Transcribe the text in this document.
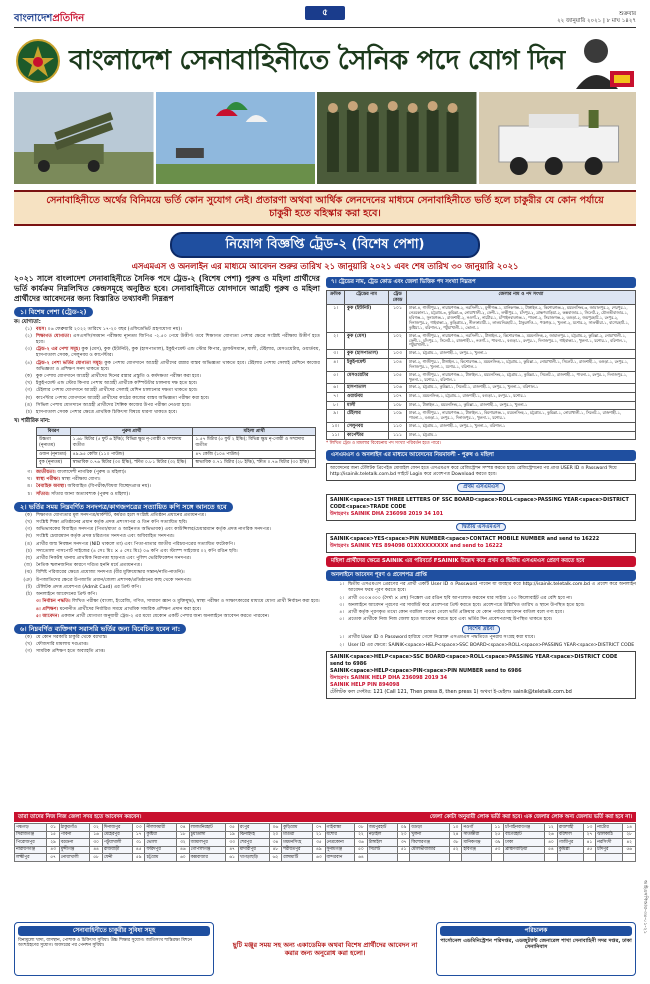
বাংলাদেশপ্রতিদিন	৫	শুক্রবার
২২ জানুয়ারি ২০২১ | ৮ মাঘ ১৪২৭
বাংলাদেশ সেনাবাহিনীতে সৈনিক পদে যোগ দিন
সেনাবাহিনীতে অর্থের বিনিময়ে ভর্তি কোন সুযোগ নেই। প্রতারণা অথবা আর্থিক লেনদেনের মাধ্যমে সেনাবাহিনীতে ভর্তি হলে চাকুরীর যে কোন পর্যায়ে চাকুরী হতে বহিস্কার করা হবে।
নিয়োগ বিজ্ঞপ্তি ট্রেড-২ (বিশেষ পেশা)
এসএমএস ও অনলাইন এর মাধ্যমে আবেদন শুরুর তারিখ ২১ জানুয়ারি ২০২১ এবং শেষ তারিখ ৩০ জানুয়ারি ২০২১
২০২১ সালে বাংলাদেশ সেনাবাহিনীতে সৈনিক পদে ট্রেড-২ (বিশেষ পেশা) পুরুষ ও মহিলা প্রার্থীদের ভর্তি কার্যক্রম নিম্নলিখিত কেন্দ্রসমূহে অনুষ্ঠিত হবে। সেনাবাহিনীতে যোগদানে আগ্রহী পুরুষ ও মহিলা প্রার্থীদের আবেদনের জন্য বিস্তারিত তথ্যাবলী নিম্নরূপ
১। বিশেষ পেশা (ট্রেড-২)
ক। যোগ্যতা:
(১) বয়স। ০৬ ফেব্রুয়ারি ২০২২ তারিখে ১৭-২০ বছর (এফিডেভিট গ্রহণযোগ্য নয়)।
(২) শিক্ষাগত যোগ্যতা। এসএসসি/সমমান পরীক্ষায় ন্যূনতম জিপিএ -২.৫০ পেয়ে উত্তীর্ণ। তবে শিক্ষাগত যোগ্যতা পেশার ক্ষেত্রে সংশ্লিষ্ট পরীক্ষায় উত্তীর্ণ হতে হবে।
(৩) ট্রেড-২ এর পেশা সমূহ। কুক (মেস), কুক (ইউনিট), কুক (হাসপাতাল), ইকুইপমেন্ট এন্ড স্টোর কিপার, ড্রাফটসম্যান, মালী, টেইলার, মেসওয়েটার, ওয়ার্ডবয়, হাসপাতাল সেবক, সেলুনবয় ও কার্পেন্টার।
(৪) ট্রেড-২ পেশা ভর্তির যোগ্যতা সমূহ। কুক পেশায় যোগদানে আগ্রহী প্রার্থীদের রান্নার বাস্তব অভিজ্ঞতা থাকতে হবে। টেইলার পেশায় সেলাই মেশিনে কাজের অভিজ্ঞতা ও প্রশিক্ষণ সনদ থাকতে হবে।
(ক) কুক পেশায় যোগদানে আগ্রহী প্রার্থীদের দিনের রান্নার প্রস্তুতি ও কর্মদক্ষতা পরীক্ষা করা হবে।
(খ) ইকুইপমেন্ট এন্ড স্টোর কিপার পেশায় আগ্রহী প্রার্থীকে কম্পিউটার চালনায় দক্ষ হতে হবে।
(গ) টেইলার পেশায় যোগদানে আগ্রহী প্রার্থীদের সেলাই মেশিন চালানোর দক্ষতা থাকতে হবে।
(ঘ) কার্পেন্টার পেশায় যোগদানে আগ্রহী প্রার্থীদের কাঠের কাজের বাস্তব অভিজ্ঞতা পরীক্ষা করা হবে।
(ঙ) সিভিল পেশায় যোগদানে আগ্রহী প্রার্থীদের শৈল্পিক কাজের উপর পরীক্ষা নেওয়া হবে।
(চ) হাসপাতাল সেবক পেশার ক্ষেত্রে প্রাথমিক চিকিৎসা বিষয়ে ধারণা থাকতে হবে।
খ। শারীরিক মান:
বিবরণ	পুরুষ প্রার্থী	মহিলা প্রার্থী
উচ্চতা (নূন্যতম)	১.৬৮ মিটার (৫ ফুট ৬ ইঞ্চি); বিভিন্ন ক্ষুদ্র নৃ-গোষ্ঠী ও সম্প্রদায় ব্যতীত	১.৫৭ মিটার (৫ ফুট ২ ইঞ্চি); বিভিন্ন ক্ষুদ্র নৃ-গোষ্ঠী ও সম্প্রদায় ব্যতীত
ওজন (নূন্যতম)	৪৯.৯৫ কেজি (১১০ পাউন্ড)	৪৭ কেজি (১০৪ পাউন্ড)
বুক (নূন্যতম)	স্বাভাবিক ০.৭৬ মিটার (৩০ ইঞ্চি), স্ফীত ০.৮১ মিটার (৩২ ইঞ্চি)	স্বাভাবিক ০.৭১ মিটার (২৮ ইঞ্চি), স্ফীত ০.৭৬ মিটার (৩০ ইঞ্চি)
গ। জাতীয়তা। বাংলাদেশী নাগরিক (পুরুষ ও মহিলা)।
ঘ। স্বাস্থ্য পরীক্ষা। স্বাস্থ্য পরীক্ষায় যোগ্য।
ঙ। বৈবাহিক অবস্থা। অবিবাহিত (বিপত্নীক/বিধবা বিচ্ছেদপ্রাপ্ত নয়)।
চ। সাঁতার। সাঁতার জানা অত্যাবশ্যক (পুরুষ ও মহিলা)।
২। ভর্তির সময় নিম্নবর্ণিত সনদপত্র/কাগজপত্রের সত্যায়িত কপি সঙ্গে আনতে হবে
(ক) শিক্ষাগত যোগ্যতার মূল সনদপত্র/মার্কশীট, কর্মরত হলে সংশ্লিষ্ট প্রতিষ্ঠান প্রধানের প্রত্যয়নপত্র।
(খ) সংশ্লিষ্ট শিক্ষা প্রতিষ্ঠানের প্রধান কর্তৃক প্রদত্ত প্রশংসাপত্র ও তিন কপি সত্যায়িত ছবি।
(গ) অভিভাবকের বিবাহিত সনদপত্র (পিতা/মাতা ও আইনগত অভিভাবক) এবং কাউন্সিলর/চেয়ারম্যান কর্তৃক প্রদত্ত নাগরিক সনদপত্র।
(ঘ) সংশ্লিষ্ট চেয়ারম্যান কর্তৃক প্রদত্ত চরিত্রগত সনদপত্র এবং অবিবাহিত সনদপত্র।
(ঙ) প্রার্থীর জন্ম নিবন্ধন সনদপত্র (NID থাকলে তা) এবং পিতা-মাতার জাতীয় পরিচয়পত্রের সত্যায়িত ফটোকপি।
(চ) সদ্যতোলা পাসপোর্ট সাইজের (৪ সেঃ মিঃ × ৫ সেঃ মিঃ) ০৬ কপি এবং স্ট্যাম্প সাইজের ০২ কপি রঙিন ছবি।
(ছ) প্রার্থীর নিকটস্থ থানায় প্রাথমিক নিরাপত্তা ছাড়পত্র এবং পুলিশ ভেরিফিকেশন সনদপত্র।
(জ) নৈতিক স্খলনজনিত কারণে দণ্ডিত হননি মর্মে প্রত্যয়নপত্র।
(ঝ) বিশিষ্ট পরিবারের ক্ষেত্রে প্রযোজ্য সনদপত্র (বীর মুক্তিযোদ্ধার সন্তান/নাতি-নাতনি)।
(ঞ) উপজাতিদের ক্ষেত্রে উপজাতি প্রধান/জেলা প্রশাসক/প্রতিষ্ঠানের কাছ থেকে সনদপত্র।
(ট) টেলিটক প্রদত্ত প্রবেশপত্র (Admit Card) এর প্রিন্ট কপি।
(ঠ) অনলাইনে আবেদনের প্রিন্ট কপি।
৩। নির্বাচন পদ্ধতি। লিখিত পরীক্ষা (বাংলা, ইংরেজি, গণিত, সাধারণ জ্ঞান ও মুক্তিযুদ্ধ), স্বাস্থ্য পরীক্ষা ও সাক্ষাৎকারের মাধ্যমে যোগ্য প্রার্থী নির্বাচন করা হবে।
৪। প্রশিক্ষণ। মনোনীত প্রার্থীদের নির্ধারিত সময়ে প্রাথমিক সামরিক প্রশিক্ষণ প্রদান করা হবে।
৫। আবেদন। একজন প্রার্থী যোগ্যতা অনুযায়ী ট্রেড-২ এর মধ্যে যেকোন একটি পেশার জন্য অনলাইনে আবেদন করতে পারবেন।
৬। নিম্নবর্ণিত ব্যক্তিগণ সরাসরি ভর্তির জন্য বিবেচিত হবেন না:
(ক) যে কোন সরকারি চাকুরি থেকে বরখাস্ত।
(খ) ফৌজদারি মামলায় দণ্ডপ্রাপ্ত।
(গ) সামরিক প্রশিক্ষণ হতে অব্যাহতি প্রাপ্ত।
৭। ট্রেডের নাম, ট্রেড কোড এবং জেলা ভিত্তিক পদ সংখ্যা নিম্নরূপ
ক্রমিক	ট্রেডের নাম	ট্রেড কোড	জেলার নাম ও পদ সংখ্যা
১।	কুক (ইউনিট)	১০১	ঢাকা-৪, গাজীপুর-২, নারায়ণগঞ্জ-২, নরসিংদী-১, মুন্সীগঞ্জ-১, মানিকগঞ্জ-১, টাঙ্গাইল-২, কিশোরগঞ্জ-২, ময়মনসিংহ-৩, জামালপুর-২, শেরপুর-১, নেত্রকোনা-১, চট্টগ্রাম-৩, কুমিল্লা-৩, নোয়াখালী-২, ফেনী-১, লক্ষীপুর-১, চাঁদপুর-২, ব্রাহ্মণবাড়িয়া-২, কক্সবাজার-১, সিলেট-২, মৌলভীবাজার-১, হবিগঞ্জ-১, সুনামগঞ্জ-১, রাজশাহী-২, নওগাঁ-২, নাটোর-১, চাঁপাইনবাবগঞ্জ-১, পাবনা-২, সিরাজগঞ্জ-২, বগুড়া-২, জয়পুরহাট-১, রংপুর-২, দিনাজপুর-২, গাইবান্ধা-২, কুড়িগ্রাম-২, নীলফামারী-১, লালমনিরহাট-১, ঠাকুরগাঁও-১, পঞ্চগড়-১, খুলনা-২, যশোর-২, সাতক্ষীরা-১, বাগেরহাট-১, কুষ্টিয়া-১, বরিশাল-২, পটুয়াখালী-১, ভোলা-১
২।	কুক (মেস)	১০২	ঢাকা-৩, গাজীপুর-২, নারায়ণগঞ্জ-১, নরসিংদী-১, টাঙ্গাইল-২, কিশোরগঞ্জ-১, ময়মনসিংহ-২, জামালপুর-১, চট্টগ্রাম-২, কুমিল্লা-২, নোয়াখালী-১, ফেনী-১, চাঁদপুর-১, সিলেট-১, রাজশাহী-১, নওগাঁ-১, পাবনা-১, বগুড়া-১, রংপুর-১, দিনাজপুর-১, গাইবান্ধা-১, খুলনা-১, যশোর-১, বরিশাল-১, পটুয়াখালী-১
৩।	কুক (হাসপাতাল)	১০৩	ঢাকা-১, চট্টগ্রাম-১, রাজশাহী-১, রংপুর-১, খুলনা-১
৪।	ইকুইপমেন্ট	১০৪	ঢাকা-২, গাজীপুর-১, টাঙ্গাইল-১, কিশোরগঞ্জ-১, ময়মনসিংহ-১, চট্টগ্রাম-১, কুমিল্লা-১, নোয়াখালী-১, সিলেট-১, রাজশাহী-১, বগুড়া-১, রংপুর-১, দিনাজপুর-১, খুলনা-১, যশোর-১, বরিশাল-১
৫।	মেসওয়েটার	১০৫	ঢাকা-২, গাজীপুর-১, নারায়ণগঞ্জ-১, টাঙ্গাইল-১, ময়মনসিংহ-১, চট্টগ্রাম-১, কুমিল্লা-১, সিলেট-১, রাজশাহী-১, পাবনা-১, রংপুর-১, দিনাজপুর-১, খুলনা-১, যশোর-১, বরিশাল-১
৬।	হাসপাতাল	১০৬	ঢাকা-২, চট্টগ্রাম-১, কুমিল্লা-১, সিলেট-১, রাজশাহী-১, রংপুর-১, খুলনা-১, বরিশাল-১
৭।	ওয়ার্ডবয়	১০৭	ঢাকা-১, ময়মনসিংহ-১, চট্টগ্রাম-১, রাজশাহী-১, বগুড়া-১, রংপুর-১, যশোর-১
৮।	মালী	১০৮	ঢাকা-১, টাঙ্গাইল-১, ময়মনসিংহ-১, কুমিল্লা-১, রাজশাহী-১, রংপুর-১, খুলনা-১
৯।	টেইলার	১০৯	ঢাকা-২, গাজীপুর-১, নারায়ণগঞ্জ-১, টাঙ্গাইল-১, কিশোরগঞ্জ-১, ময়মনসিংহ-১, চট্টগ্রাম-১, কুমিল্লা-১, নোয়াখালী-১, সিলেট-১, রাজশাহী-১, পাবনা-১, বগুড়া-১, রংপুর-১, দিনাজপুর-১, খুলনা-১, যশোর-১
১০।	সেলুনবয়	১১০	ঢাকা-১, চট্টগ্রাম-১, রাজশাহী-১, রংপুর-১, খুলনা-১, বরিশাল-১
১১।	কার্পেন্টার	১১১	ঢাকা-১, চট্টগ্রাম-১
* লিখিত ট্রেড ও মামলার বিবেচনায় পদ সংখ্যা পরিবর্তন হতে পারে।
এসএমএস ও অনলাইন এর মাধ্যমে আবেদনের নিয়মাবলী - পুরুষ ও মহিলা
আবেদনের জন্য টেলিটক প্রিপেইড মোবাইল ফোন হতে এসএমএস করে রেজিস্ট্রেশন সম্পন্ন করতে হবে। রেজিস্ট্রেশনের পর প্রাপ্ত USER ID ও Password দিয়ে http://isainik.teletalk.com.bd সাইটে Login করে প্রবেশপত্র Download করতে হবে।
প্রথম এসএমএস
SAINIK<space>1ST THREE LETTERS OF SSC BOARD<space>ROLL<space>PASSING YEAR<space>DISTRICT CODE<space>TRADE CODE
উদাহরণঃ SAINIK DHA 236098 2019 34 101
দ্বিতীয় এসএমএস
SAINIK<space>YES<space>PIN NUMBER<space>CONTACT MOBILE NUMBER and send to 16222
উদাহরণঃ SAINIK YES 894098 01XXXXXXXXX and send to 16222
মহিলা প্রার্থীদের ক্ষেত্রে SAINIK এর পরিবর্তে FSAINIK উল্লেখ করে প্রথম ও দ্বিতীয় এসএমএস প্রেরণ করতে হবে
অনলাইনে আবেদন পূরণ ও প্রবেশপত্র প্রাপ্তি
১। দ্বিতীয় এসএমএস প্রেরণের পর প্রার্থী একটি User ID ও Password পাবেন যা ব্যবহার করে http://isainik.teletalk.com.bd এ প্রবেশ করে অনলাইন আবেদন ফরম পূরণ করতে হবে।
২। প্রার্থী ৩০০×৩০০ (দৈর্ঘ্য × প্রস্থ) পিক্সেল এর রঙিন ছবি আপলোড করবেন যার সাইজ ১০০ কিলোবাইট এর বেশি হবে না।
৩। অনলাইনে আবেদন পূরণের পর সাবমিট করে প্রবেশপত্র প্রিন্ট করতে হবে। প্রবেশপত্রে উল্লিখিত তারিখ ও স্থানে উপস্থিত হতে হবে।
৪। প্রার্থী কর্তৃক পূরণকৃত তথ্যে কোন গরমিল পাওয়া গেলে ভর্তি প্রক্রিয়ার যে কোন পর্যায়ে আবেদন বাতিল বলে গণ্য হবে।
৫। প্রত্যেক প্রার্থীকে নিজ নিজ জেলা হতে আবেদন করতে হবে এবং ভর্তির দিন প্রবেশপত্রসহ উপস্থিত থাকতে হবে।
বিশেষ দ্রষ্টব্য
১। প্রার্থীর User ID ও Password হারিয়ে গেলে নিম্নোক্ত এসএমএস পদ্ধতিতে পুনরায় সংগ্রহ করা যাবে।
২। User ID এর ক্ষেত্রে: SAINIK<space>HELP<space>SSC BOARD<space>ROLL<space>PASSING YEAR<space>DISTRICT CODE
SAINIK<space>HELP<space>SSC BOARD<space>ROLL<space>PASSING YEAR<space>DISTRICT CODE send to 6986
SAINIK<space>HELP<space>PIN<space>PIN NUMBER send to 6986
উদাহরণঃ SAINIK HELP DHA 236098 2019 34
SAINIK HELP PIN 894098
টেলিটক কল সেন্টার: 121 (Call 121, Then press 8, then press 1) অথবা ই-মেইলঃ sainik@teletalk.com.bd
তারা তাদের নিজ নিজ জেলা সদর হতে আবেদন করবেন।	জেলা কোটা অনুযায়ী লোক ভর্তি করা হবে। এক জেলার লোক অন্য জেলায় ভর্তি করা হবে না।
পঞ্চগড়	০১	ঠাকুরগাঁও	০২	দিনাজপুর	০৩	নীলফামারী	০৪	লালমনিরহাট	০৫	রংপুর	০৬	কুড়িগ্রাম	০৭	গাইবান্ধা	০৮	জয়পুরহাট	০৯	বগুড়া	১০	নওগাঁ	১১	চাঁপাইনবাবগঞ্জ	১২	রাজশাহী	১৩	নাটোর	১৪
সিরাজগঞ্জ	১৫	পাবনা	১৬	মেহেরপুর	১৭	কুষ্টিয়া	১৮	চুয়াডাঙ্গা	১৯	ঝিনাইদহ	২০	মাগুরা	২১	যশোর	২২	নড়াইল	২৩	খুলনা	২৪	সাতক্ষীরা	২৫	বাগেরহাট	২৬	বরিশাল	২৭	ঝালকাঠি	২৮
পিরোজপুর	২৯	বরগুনা	৩০	পটুয়াখালী	৩১	ভোলা	৩২	জামালপুর	৩৩	শেরপুর	৩৪	ময়মনসিংহ	৩৫	নেত্রকোনা	৩৬	টাঙ্গাইল	৩৭	কিশোরগঞ্জ	৩৮	মানিকগঞ্জ	৩৯	ঢাকা	৪০	গাজীপুর	৪১	নরসিংদী	৪২
নারায়ণগঞ্জ	৪৩	মুন্সীগঞ্জ	৪৪	রাজবাড়ী	৪৫	ফরিদপুর	৪৬	গোপালগঞ্জ	৪৭	মাদারীপুর	৪৮	শরীয়তপুর	৪৯	সুনামগঞ্জ	৫০	সিলেট	৫১	মৌলভীবাজার	৫২	হবিগঞ্জ	৫৩	ব্রাহ্মণবাড়িয়া	৫৪	কুমিল্লা	৫৫	চাঁদপুর	৫৬
লক্ষ্মীপুর	৫৭	নোয়াখালী	৫৮	ফেনী	৫৯	চট্টগ্রাম	৬০	কক্সবাজার	৬১	খাগড়াছড়ি	৬২	রাঙ্গামাটি	৬৩	বান্দরবান	৬৪												
সেনাবাহিনীতে চাকুরীর সুবিধা সমূহ
বিনামূল্যে খাদ্য, বাসস্থান, পোশাক ও চিকিৎসা সুবিধা। উচ্চ শিক্ষার সুযোগ। জাতিসংঘ শান্তিরক্ষা মিশনে অংশগ্রহণের সুযোগ। অবসরের পর পেনশন সুবিধা।	ছুটি মঞ্জুর সময় সহ অন্য একাডেমিক অথবা বিশেষ প্রার্থীদের আবেদন না করার জন্য অনুরোধ করা হলো।
পরিচালক
পার্সোনেল এডমিনিস্ট্রেশন পরিদপ্তর, এডজুট্যান্ট জেনারেল শাখা সেনাবাহিনী সদর দপ্তর, ঢাকা সেনানিবাস
আইএসপিআর-৩৪-০১-২১
